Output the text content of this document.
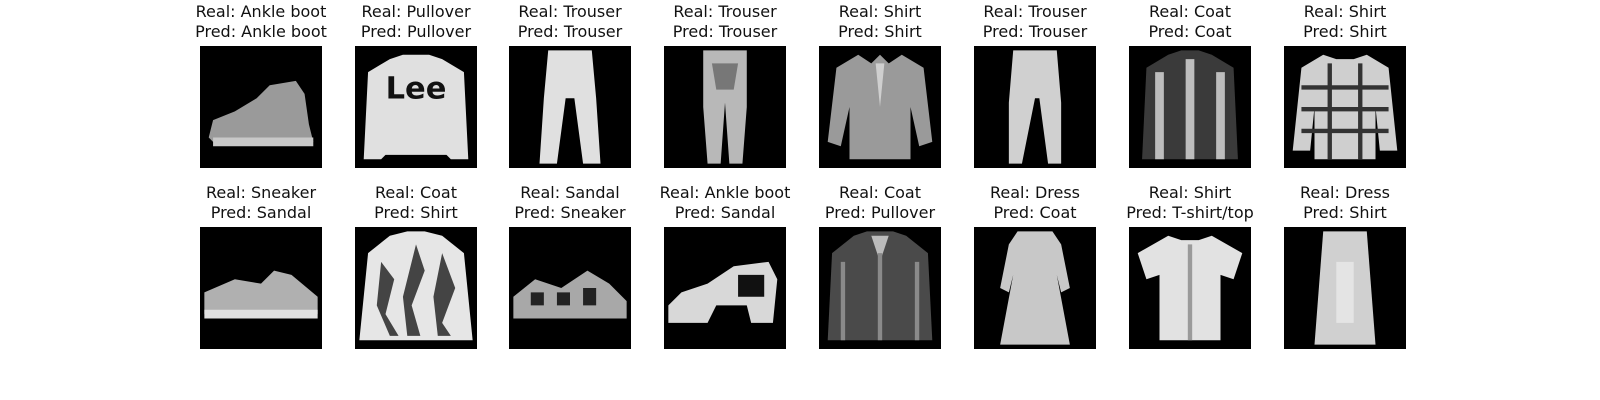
Real: Ankle boot
Pred: Ankle boot
Real: Pullover
Pred: Pullover
Lee
Real: Trouser
Pred: Trouser
Real: Trouser
Pred: Trouser
Real: Shirt
Pred: Shirt
Real: Trouser
Pred: Trouser
Real: Coat
Pred: Coat
Real: Shirt
Pred: Shirt
Real: Sneaker
Pred: Sandal
Real: Coat
Pred: Shirt
Real: Sandal
Pred: Sneaker
Real: Ankle boot
Pred: Sandal
Real: Coat
Pred: Pullover
Real: Dress
Pred: Coat
Real: Shirt
Pred: T-shirt/top
Real: Dress
Pred: Shirt
